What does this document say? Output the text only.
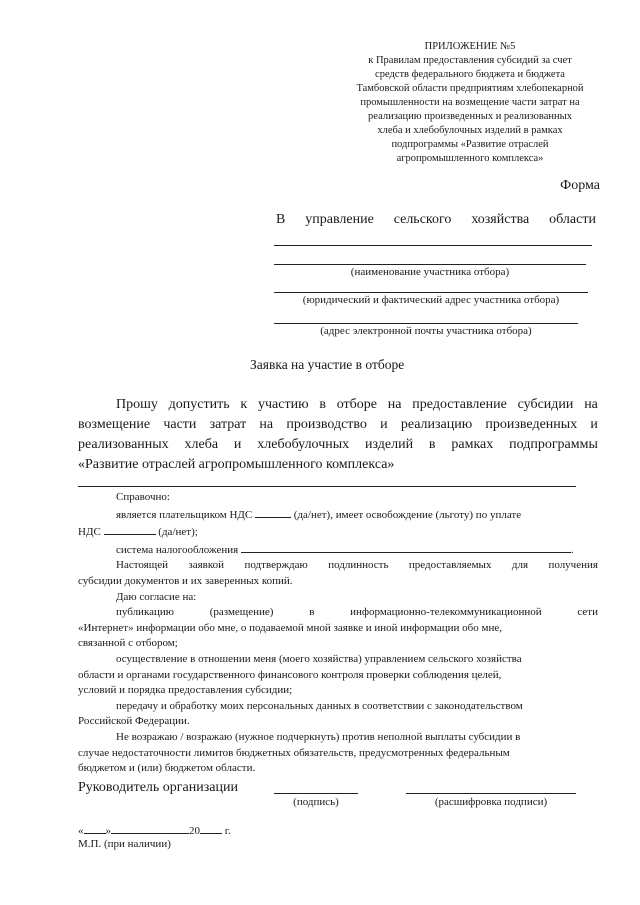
ПРИЛОЖЕНИЕ №5
к Правилам предоставления субсидий за счет
средств федерального бюджета и бюджета
Тамбовской области предприятиям хлебопекарной
промышленности на возмещение части затрат на
реализацию произведенных и реализованных
хлеба и хлебобулочных изделий в рамках
подпрограммы «Развитие отраслей
агропромышленного комплекса»
Форма
В управление сельского хозяйства области
(наименование участника отбора)
(юридический и фактический адрес участника отбора)
(адрес электронной почты участника отбора)
Заявка на участие в отборе
Прошу допустить к участию в отборе на предоставление субсидии на
возмещение части затрат на производство и реализацию произведенных и
реализованных хлеба и хлебобулочных изделий в рамках подпрограммы
«Развитие отраслей агропромышленного комплекса»
Справочно:
является плательщиком НДС	(да/нет), имеет освобождение (льготу) по уплате
НДС	(да/нет);
система налогообложения	.
Настоящей заявкой подтверждаю подлинность предоставляемых для получения
субсидии документов и их заверенных копий.
Даю согласие на:
публикацию	(размещение)	в	информационно-телекоммуникационной	сети
«Интернет» информации обо мне, о подаваемой мной заявке и иной информации обо мне,
связанной с отбором;
осуществление в отношении меня (моего хозяйства) управлением сельского хозяйства
области и органами государственного финансового контроля проверки соблюдения целей,
условий и порядка предоставления субсидии;
передачу и обработку моих персональных данных в соответствии с законодательством
Российской Федерации.
Не возражаю / возражаю (нужное подчеркнуть) против неполной выплаты субсидии в
случае недостаточности лимитов бюджетных обязательств, предусмотренных федеральным
бюджетом и (или) бюджетом области.
Руководитель организации
(подпись)	(расшифровка подписи)
« »	20 г.
М.П. (при наличии)
